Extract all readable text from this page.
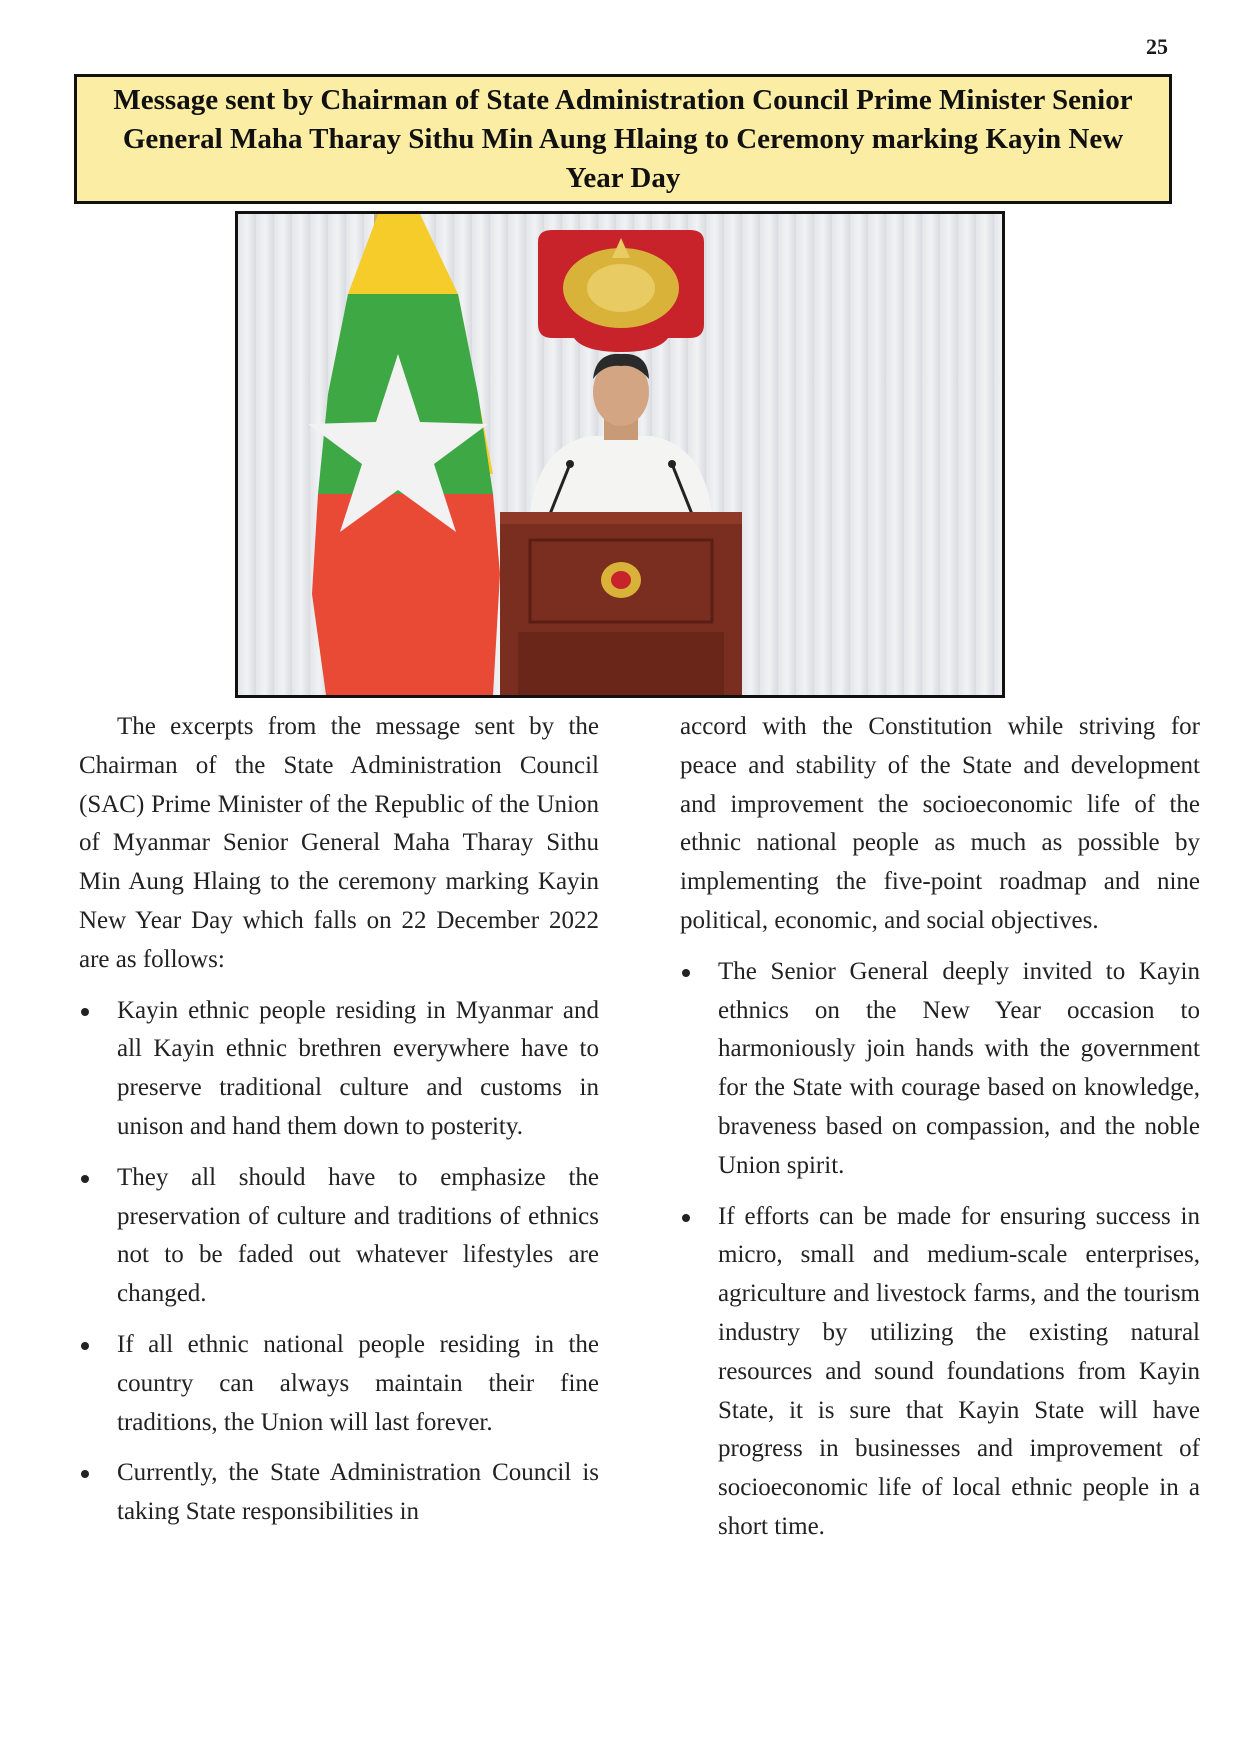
25
Message sent by Chairman of State Administration Council Prime Minister Senior General Maha Tharay Sithu Min Aung Hlaing to Ceremony marking Kayin New Year Day

The excerpts from the message sent by the Chairman of the State Administration Council (SAC) Prime Minister of the Republic of the Union of Myanmar Senior General Maha Tharay Sithu Min Aung Hlaing to the ceremony marking Kayin New Year Day which falls on 22 December 2022 are as follows:

Kayin ethnic people residing in Myanmar and all Kayin ethnic brethren everywhere have to preserve traditional culture and customs in unison and hand them down to posterity.
They all should have to emphasize the preservation of culture and traditions of ethnics not to be faded out whatever lifestyles are changed.
If all ethnic national people residing in the country can always maintain their fine traditions, the Union will last forever.
Currently, the State Administration Council is taking State responsibilities in

accord with the Constitution while striving for peace and stability of the State and development and improvement the socioeconomic life of the ethnic national people as much as possible by implementing the five-point roadmap and nine political, economic, and social objectives.

The Senior General deeply invited to Kayin ethnics on the New Year occasion to harmoniously join hands with the government for the State with courage based on knowledge, braveness based on compassion, and the noble Union spirit.
If efforts can be made for ensuring success in micro, small and medium-scale enterprises, agriculture and livestock farms, and the tourism industry by utilizing the existing natural resources and sound foundations from Kayin State, it is sure that Kayin State will have progress in businesses and improvement of socioeconomic life of local ethnic people in a short time.
